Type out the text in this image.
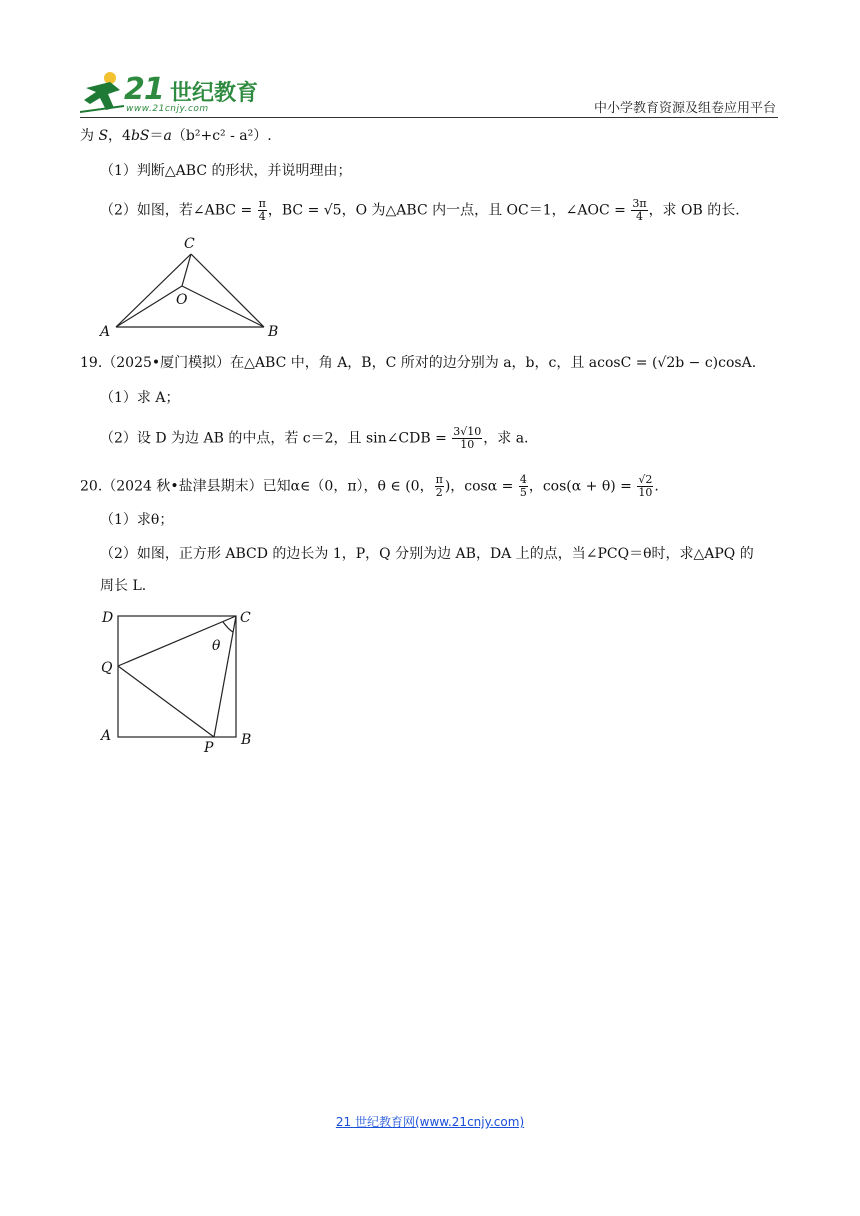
21 世纪教育
www.21cnjy.com	中小学教育资源及组卷应用平台
为 S，4bS＝a（b²+c² - a²）.
（1）判断△ABC 的形状，并说明理由；
（2）如图，若∠ABC = $\frac{\pi}{4}$ ，BC = √5，O 为△ABC 内一点，且 OC＝1，∠AOC = $\frac{3\pi}{4}$ ，求 OB 的长.
C
O
A	B
19.（2025•厦门模拟）在△ABC 中，角 A，B，C 所对的边分别为 a，b，c，且 acosC = (√2b − c)cosA.
（1）求 A；
（2）设 D 为边 AB 的中点，若 c＝2，且 sin∠CDB = $\frac{3√10}{10}$ ，求 a.
20.（2024 秋•盐津县期末）已知α∈（0，π），θ ∈ (0， $\frac{\pi}{2}$ )，$\cos\alpha = \frac{4}{5}$ ，$\cos(\alpha + \theta) = \frac{√2}{10}$ .
（1）求θ；
（2）如图，正方形 ABCD 的边长为 1，P，Q 分别为边 AB，DA 上的点，当∠PCQ＝θ时，求△APQ 的
周长 L.
D	C
θ
Q
A
P B
21 世纪教育网(www.21cnjy.com)
